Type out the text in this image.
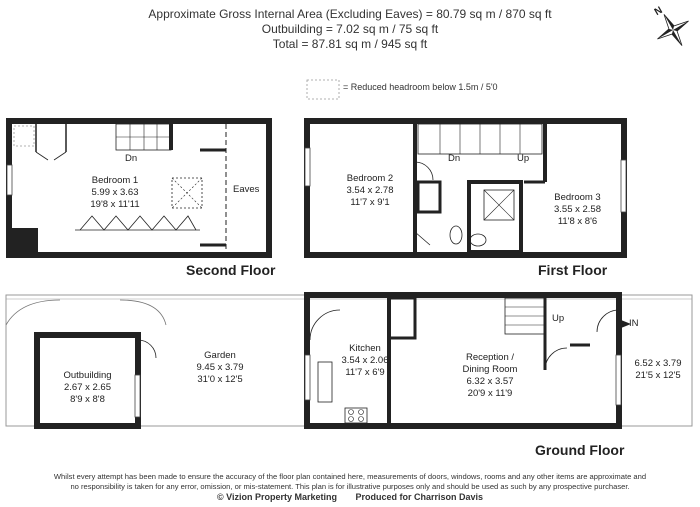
Approximate Gross Internal Area (Excluding Eaves) = 80.79 sq m / 870 sq ft
Outbuilding = 7.02 sq m / 75 sq ft
Total = 87.81 sq m / 945 sq ft
N
= Reduced headroom below 1.5m / 5'0
Bedroom 1
5.99 x 3.63
19'8 x 11'11
Dn
Eaves
Second Floor
Bedroom 2
3.54 x 2.78
11'7 x 9'1	Bedroom 3
3.55 x 2.58
11'8 x 8'6
Dn	Up
First Floor
Outbuilding
2.67 x 2.65
8'9 x 8'8
Garden
9.45 x 3.79
31'0 x 12'5
Kitchen
3.54 x 2.06
11'7 x 6'9
Reception /
Dining Room
6.32 x 3.57
20'9 x 11'9
6.52 x 3.79
21'5 x 12'5
Up	IN
Ground Floor
Whilst every attempt has been made to ensure the accuracy of the floor plan contained here, measurements of doors, windows, rooms and any other items are approximate and
no responsibility is taken for any error, omission, or mis-statement. This plan is for illustrative purposes only and should be used as such by any prospective purchaser.
© Vizion Property Marketing Produced for Charrison Davis
